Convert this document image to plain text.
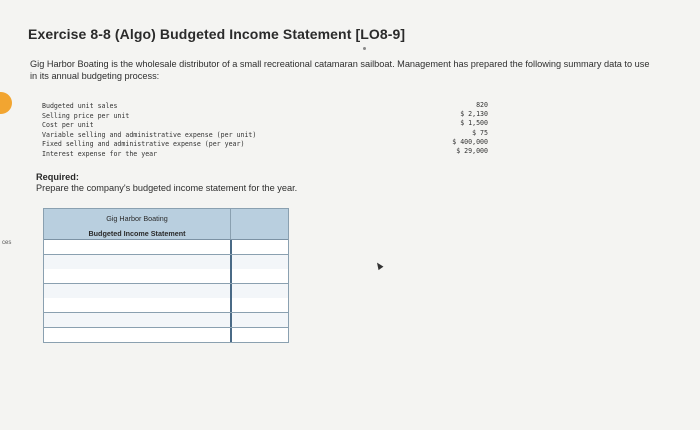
ces
Exercise 8-8 (Algo) Budgeted Income Statement [LO8-9]
Gig Harbor Boating is the wholesale distributor of a small recreational catamaran sailboat. Management has prepared the following summary data to use in its annual budgeting process:
Budgeted unit sales
Selling price per unit
Cost per unit
Variable selling and administrative expense (per unit)
Fixed selling and administrative expense (per year)
Interest expense for the year
820
$ 2,130
$ 1,500
$ 75
$ 400,000
$ 29,000
Required:
Prepare the company's budgeted income statement for the year.
Gig Harbor Boating
Budgeted Income Statement
